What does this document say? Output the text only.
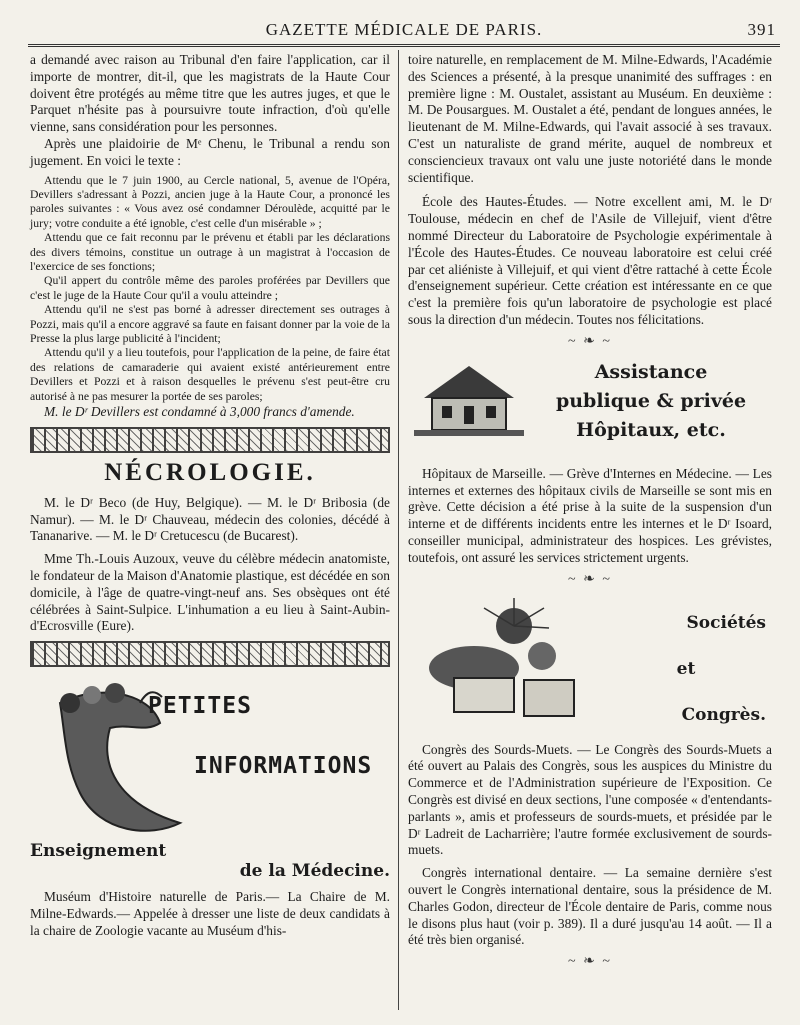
GAZETTE MÉDICALE DE PARIS.	391

a demandé avec raison au Tribunal d'en faire l'application, car il importe de montrer, dit-il, que les magistrats de la Haute Cour doivent être protégés au même titre que les autres juges, et que le Parquet n'hésite pas à poursuivre toute infraction, d'où qu'elle vienne, sans considération pour les personnes.

Après une plaidoirie de Mᵉ Chenu, le Tribunal a rendu son jugement. En voici le texte :

Attendu que le 7 juin 1900, au Cercle national, 5, avenue de l'Opéra, Devillers s'adressant à Pozzi, ancien juge à la Haute Cour, a prononcé les paroles suivantes : « Vous avez osé condamner Déroulède, acquitté par le jury; votre conduite a été ignoble, c'est celle d'un misérable » ;

Attendu que ce fait reconnu par le prévenu et établi par les déclarations des divers témoins, constitue un outrage à un magistrat à l'occasion de l'exercice de ses fonctions;

Qu'il appert du contrôle même des paroles proférées par Devillers que c'est le juge de la Haute Cour qu'il a voulu atteindre ;

Attendu qu'il ne s'est pas borné à adresser directement ses outrages à Pozzi, mais qu'il a encore aggravé sa faute en faisant donner par la voie de la Presse la plus large publicité à l'incident;

Attendu qu'il y a lieu toutefois, pour l'application de la peine, de faire état des relations de camaraderie qui avaient existé antérieurement entre Devillers et Pozzi et à raison desquelles le prévenu s'est peut-être cru autorisé à ne pas mesurer la portée de ses paroles;

M. le Dʳ Devillers est condamné à 3,000 francs d'amende.

NÉCROLOGIE.

M. le Dʳ Beco (de Huy, Belgique). — M. le Dʳ Bribosia (de Namur). — M. le Dʳ Chauveau, médecin des colonies, décédé à Tananarive. — M. le Dʳ Cretucescu (de Bucarest).

Mme Th.-Louis Auzoux, veuve du célèbre médecin anatomiste, le fondateur de la Maison d'Anatomie plastique, est décédée en son domicile, à l'âge de quatre-vingt-neuf ans. Ses obsèques ont été célébrées à Saint-Sulpice. L'inhumation a eu lieu à Saint-Aubin-d'Ecrosville (Eure).

PETITES
INFORMATIONS

Enseignement

de la Médecine.

Muséum d'Histoire naturelle de Paris.— La Chaire de M. Milne-Edwards.— Appelée à dresser une liste de deux candidats à la chaire de Zoologie vacante au Muséum d'his-

toire naturelle, en remplacement de M. Milne-Edwards, l'Académie des Sciences a présenté, à la presque unanimité des suffrages : en première ligne : M. Oustalet, assistant au Muséum. En deuxième : M. De Pousargues. M. Oustalet a été, pendant de longues années, le lieutenant de M. Milne-Edwards, qui l'avait associé à ses travaux. C'est un naturaliste de grand mérite, auquel de nombreux et consciencieux travaux ont valu une juste notoriété dans le monde scientifique.

École des Hautes-Études. — Notre excellent ami, M. le Dʳ Toulouse, médecin en chef de l'Asile de Villejuif, vient d'être nommé Directeur du Laboratoire de Psychologie expérimentale à l'École des Hautes-Études. Ce nouveau laboratoire est celui créé par cet aliéniste à Villejuif, et qui vient d'être rattaché à cette École d'enseignement supérieur. Cette création est intéressante en ce que c'est la première fois qu'un laboratoire de psychologie est placé sous la direction d'un médecin. Toutes nos félicitations.

~ ❧ ~
Assistance
publique & privée
Hôpitaux, etc.

Hôpitaux de Marseille. — Grève d'Internes en Médecine. — Les internes et externes des hôpitaux civils de Marseille se sont mis en grève. Cette décision a été prise à la suite de la suspension d'un interne et de différents incidents entre les internes et le Dʳ Isoard, conseiller municipal, administrateur des hospices. Les grévistes, toutefois, ont assuré les services strictement urgents.

~ ❧ ~
Sociétés
et
Congrès.

Congrès des Sourds-Muets. — Le Congrès des Sourds-Muets a été ouvert au Palais des Congrès, sous les auspices du Ministre du Commerce et de l'Administration supérieure de l'Exposition. Ce Congrès est divisé en deux sections, l'une composée « d'entendants-parlants », amis et professeurs de sourds-muets, et présidée par le Dʳ Ladreit de Lacharrière; l'autre formée exclusivement de sourds-muets.

Congrès international dentaire. — La semaine dernière s'est ouvert le Congrès international dentaire, sous la présidence de M. Charles Godon, directeur de l'École dentaire de Paris, comme nous le disons plus haut (voir p. 389). Il a duré jusqu'au 14 août. — Il a été très bien organisé.

~ ❧ ~
